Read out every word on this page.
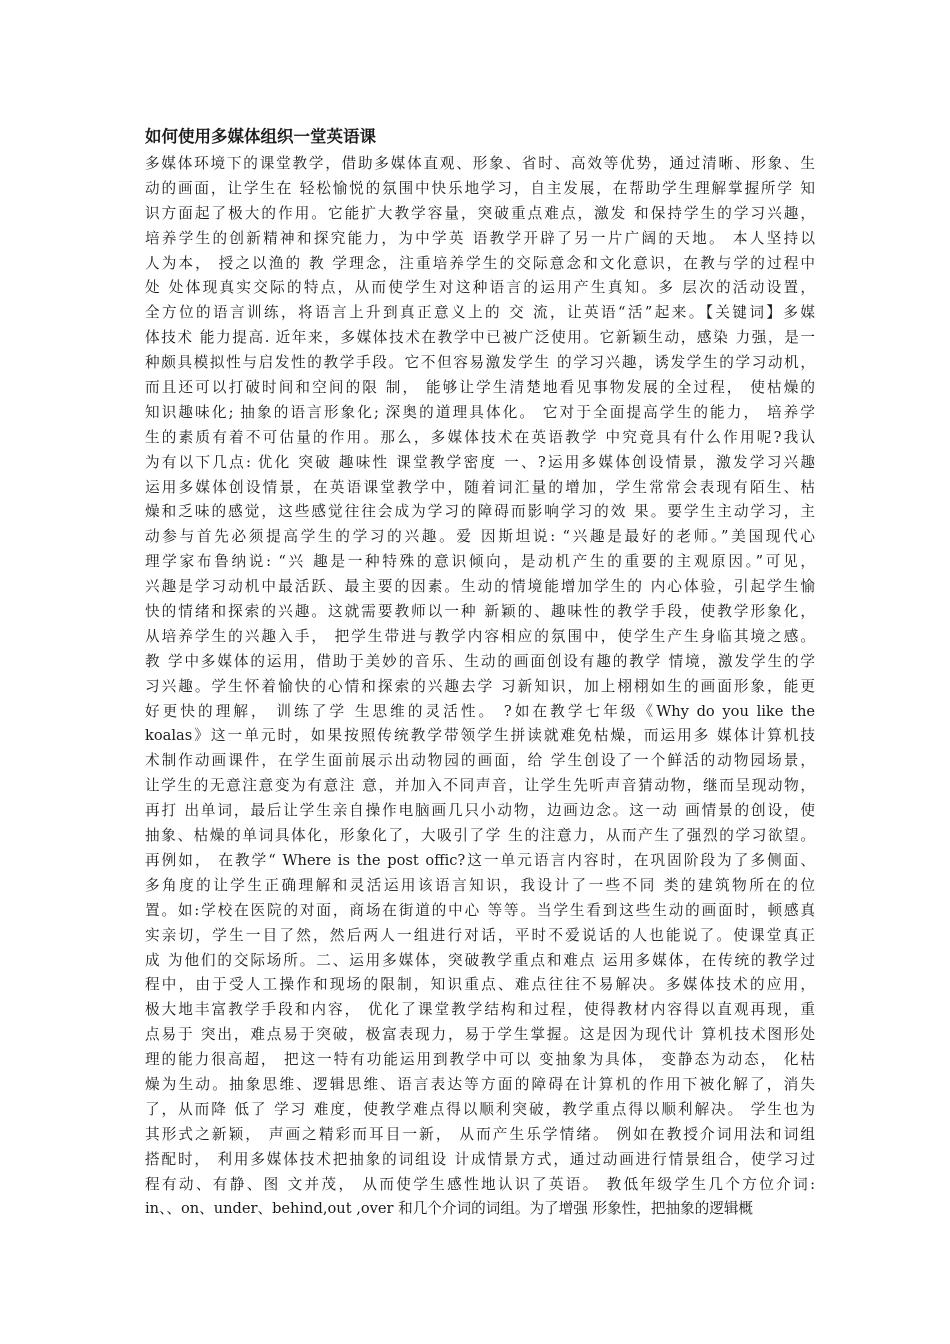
如何使用多媒体组织一堂英语课
多媒体环境下的课堂教学，借助多媒体直观、形象、省时、高效等优势，通过清晰、形象、生
动的画面，让学生在 轻松愉悦的氛围中快乐地学习，自主发展，在帮助学生理解掌握所学 知
识方面起了极大的作用。它能扩大教学容量，突破重点难点，激发 和保持学生的学习兴趣，
培养学生的创新精神和探究能力，为中学英 语教学开辟了另一片广阔的天地。 本人坚持以
人为本， 授之以渔的 教 学理念，注重培养学生的交际意念和文化意识，在教与学的过程中
处 处体现真实交际的特点，从而使学生对这种语言的运用产生真知。多 层次的活动设置，
全方位的语言训练，将语言上升到真正意义上的 交 流，让英语“活”起来。【关键词】多媒
体技术 能力提高. 近年来，多媒体技术在教学中已被广泛使用。它新颖生动，感染 力强，是一
种颇具模拟性与启发性的教学手段。它不但容易激发学生 的学习兴趣，诱发学生的学习动机，
而且还可以打破时间和空间的限 制， 能够让学生清楚地看见事物发展的全过程， 使枯燥的
知识趣味化; 抽象的语言形象化; 深奥的道理具体化。 它对于全面提高学生的能力， 培养学
生的素质有着不可估量的作用。那么，多媒体技术在英语教学 中究竟具有什么作用呢?我认
为有以下几点: 优化 突破 趣味性 课堂教学密度 一、?运用多媒体创设情景，激发学习兴趣
运用多媒体创设情景，在英语课堂教学中，随着词汇量的增加，学生常常会表现有陌生、枯
燥和乏味的感觉，这些感觉往往会成为学习的障碍而影响学习的效 果。要学生主动学习，主
动参与首先必须提高学生的学习的兴趣。爱 因斯坦说: “兴趣是最好的老师。”美国现代心
理学家布鲁纳说: “兴 趣是一种特殊的意识倾向，是动机产生的重要的主观原因。”可见，
兴趣是学习动机中最活跃、最主要的因素。生动的情境能增加学生的 内心体验，引起学生愉
快的情绪和探索的兴趣。这就需要教师以一种 新颖的、趣味性的教学手段，使教学形象化，
从培养学生的兴趣入手， 把学生带进与教学内容相应的氛围中，使学生产生身临其境之感。
教 学中多媒体的运用，借助于美妙的音乐、生动的画面创设有趣的教学 情境，激发学生的学
习兴趣。学生怀着愉快的心情和探索的兴趣去学 习新知识，加上栩栩如生的画面形象，能更
好更快的理解， 训练了学 生思维的灵活性。 ?如在教学七年级《Why do you like the
koalas》这一单元时，如果按照传统教学带领学生拼读就难免枯燥，而运用多 媒体计算机技
术制作动画课件，在学生面前展示出动物园的画面，给 学生创设了一个鲜活的动物园场景，
让学生的无意注意变为有意注 意，并加入不同声音，让学生先听声音猜动物，继而呈现动物，
再打 出单词，最后让学生亲自操作电脑画几只小动物，边画边念。这一动 画情景的创设，使
抽象、枯燥的单词具体化，形象化了，大吸引了学 生的注意力，从而产生了强烈的学习欲望。
再例如， 在教学“ Where is the post offic?这一单元语言内容时，在巩固阶段为了多侧面、
多角度的让学生正确理解和灵活运用该语言知识，我设计了一些不同 类的建筑物所在的位
置。如:学校在医院的对面，商场在街道的中心 等等。当学生看到这些生动的画面时，顿感真
实亲切，学生一目了然，然后两人一组进行对话，平时不爱说话的人也能说了。使课堂真正
成 为他们的交际场所。二、运用多媒体，突破教学重点和难点 运用多媒体，在传统的教学过
程中，由于受人工操作和现场的限制，知识重点、难点往往不易解决。多媒体技术的应用，
极大地丰富教学手段和内容， 优化了课堂教学结构和过程，使得教材内容得以直观再现，重
点易于 突出，难点易于突破，极富表现力，易于学生掌握。这是因为现代计 算机技术图形处
理的能力很高超， 把这一特有功能运用到教学中可以 变抽象为具体， 变静态为动态， 化枯
燥为生动。抽象思维、逻辑思维、语言表达等方面的障碍在计算机的作用下被化解了，消失
了，从而降 低了 学习 难度，使教学难点得以顺利突破，教学重点得以顺利解决。 学生也为
其形式之新颖， 声画之精彩而耳目一新， 从而产生乐学情绪。 例如在教授介词用法和词组
搭配时， 利用多媒体技术把抽象的词组设 计成情景方式，通过动画进行情景组合，使学习过
程有动、有静、图 文并茂， 从而使学生感性地认识了英语。 教低年级学生几个方位介词:
in、、on、under、behind,out ,over 和几个介词的词组。为了增强 形象性，把抽象的逻辑概
